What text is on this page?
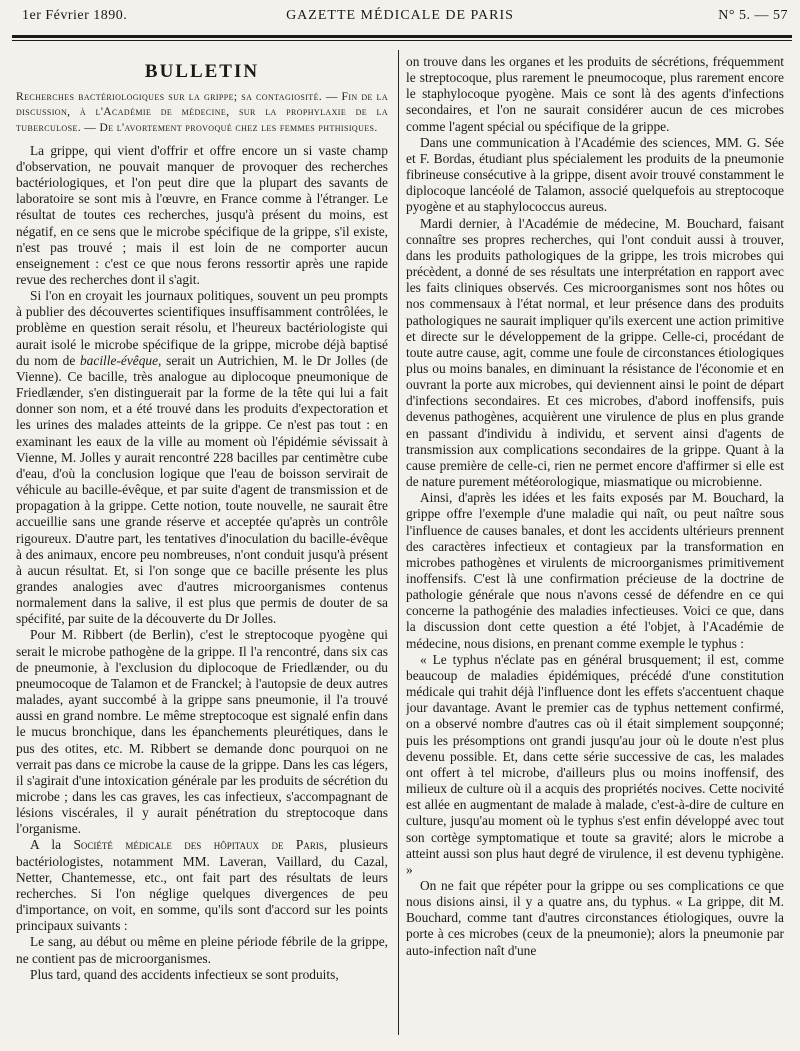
1er Février 1890.	GAZETTE MÉDICALE DE PARIS	N° 5. — 57
BULLETIN

Recherches bactériologiques sur la grippe; sa contagiosité. — Fin de la discussion, à l'Académie de médecine, sur la prophylaxie de la tuberculose. — De l'avortement provoqué chez les femmes phthisiques.

La grippe, qui vient d'offrir et offre encore un si vaste champ d'observation, ne pouvait manquer de provoquer des recherches bactériologiques, et l'on peut dire que la plupart des savants de laboratoire se sont mis à l'œuvre, en France comme à l'étranger. Le résultat de toutes ces recherches, jusqu'à présent du moins, est négatif, en ce sens que le microbe spécifique de la grippe, s'il existe, n'est pas trouvé ; mais il est loin de ne comporter aucun enseignement : c'est ce que nous ferons ressortir après une rapide revue des recherches dont il s'agit.

Si l'on en croyait les journaux politiques, souvent un peu prompts à publier des découvertes scientifiques insuffisamment contrôlées, le problème en question serait résolu, et l'heureux bactériologiste qui aurait isolé le microbe spécifique de la grippe, microbe déjà baptisé du nom de bacille-évêque, serait un Autrichien, M. le Dr Jolles (de Vienne). Ce bacille, très analogue au diplocoque pneumonique de Friedlænder, s'en distinguerait par la forme de la tête qui lui a fait donner son nom, et a été trouvé dans les produits d'expectoration et les urines des malades atteints de la grippe. Ce n'est pas tout : en examinant les eaux de la ville au moment où l'épidémie sévissait à Vienne, M. Jolles y aurait rencontré 228 bacilles par centimètre cube d'eau, d'où la conclusion logique que l'eau de boisson servirait de véhicule au bacille-évêque, et par suite d'agent de transmission et de propagation à la grippe. Cette notion, toute nouvelle, ne saurait être accueillie sans une grande réserve et acceptée qu'après un contrôle rigoureux. D'autre part, les tentatives d'inoculation du bacille-évêque à des animaux, encore peu nombreuses, n'ont conduit jusqu'à présent à aucun résultat. Et, si l'on songe que ce bacille présente les plus grandes analogies avec d'autres microorganismes contenus normalement dans la salive, il est plus que permis de douter de sa spécifité, par suite de la découverte du Dr Jolles.

Pour M. Ribbert (de Berlin), c'est le streptocoque pyogène qui serait le microbe pathogène de la grippe. Il l'a rencontré, dans six cas de pneumonie, à l'exclusion du diplocoque de Friedlænder, ou du pneumocoque de Talamon et de Franckel; à l'autopsie de deux autres malades, ayant succombé à la grippe sans pneumonie, il l'a trouvé aussi en grand nombre. Le même streptocoque est signalé enfin dans le mucus bronchique, dans les épanchements pleurétiques, dans le pus des otites, etc. M. Ribbert se demande donc pourquoi on ne verrait pas dans ce microbe la cause de la grippe. Dans les cas légers, il s'agirait d'une intoxication générale par les produits de sécrétion du microbe ; dans les cas graves, les cas infectieux, s'accompagnant de lésions viscérales, il y aurait pénétration du streptocoque dans l'organisme.

A la Société médicale des hôpitaux de Paris, plusieurs bactériologistes, notamment MM. Laveran, Vaillard, du Cazal, Netter, Chantemesse, etc., ont fait part des résultats de leurs recherches. Si l'on néglige quelques divergences de peu d'importance, on voit, en somme, qu'ils sont d'accord sur les points principaux suivants :

Le sang, au début ou même en pleine période fébrile de la grippe, ne contient pas de microorganismes.

Plus tard, quand des accidents infectieux se sont produits,

on trouve dans les organes et les produits de sécrétions, fréquemment le streptocoque, plus rarement le pneumocoque, plus rarement encore le staphylocoque pyogène. Mais ce sont là des agents d'infections secondaires, et l'on ne saurait considérer aucun de ces microbes comme l'agent spécial ou spécifique de la grippe.

Dans une communication à l'Académie des sciences, MM. G. Sée et F. Bordas, étudiant plus spécialement les produits de la pneumonie fibrineuse consécutive à la grippe, disent avoir trouvé constamment le diplocoque lancéolé de Talamon, associé quelquefois au streptocoque pyogène et au staphylococcus aureus.

Mardi dernier, à l'Académie de médecine, M. Bouchard, faisant connaître ses propres recherches, qui l'ont conduit aussi à trouver, dans les produits pathologiques de la grippe, les trois microbes qui précèdent, a donné de ses résultats une interprétation en rapport avec les faits cliniques observés. Ces microorganismes sont nos hôtes ou nos commensaux à l'état normal, et leur présence dans des produits pathologiques ne saurait impliquer qu'ils exercent une action primitive et directe sur le développement de la grippe. Celle-ci, procédant de toute autre cause, agit, comme une foule de circonstances étiologiques plus ou moins banales, en diminuant la résistance de l'économie et en ouvrant la porte aux microbes, qui deviennent ainsi le point de départ d'infections secondaires. Et ces microbes, d'abord inoffensifs, puis devenus pathogènes, acquièrent une virulence de plus en plus grande en passant d'individu à individu, et servent ainsi d'agents de transmission aux complications secondaires de la grippe. Quant à la cause première de celle-ci, rien ne permet encore d'affirmer si elle est de nature purement météorologique, miasmatique ou microbienne.

Ainsi, d'après les idées et les faits exposés par M. Bouchard, la grippe offre l'exemple d'une maladie qui naît, ou peut naître sous l'influence de causes banales, et dont les accidents ultérieurs prennent des caractères infectieux et contagieux par la transformation en microbes pathogènes et virulents de microorganismes primitivement inoffensifs. C'est là une confirmation précieuse de la doctrine de pathologie générale que nous n'avons cessé de défendre en ce qui concerne la pathogénie des maladies infectieuses. Voici ce que, dans la discussion dont cette question a été l'objet, à l'Académie de médecine, nous disions, en prenant comme exemple le typhus :

« Le typhus n'éclate pas en général brusquement; il est, comme beaucoup de maladies épidémiques, précédé d'une constitution médicale qui trahit déjà l'influence dont les effets s'accentuent chaque jour davantage. Avant le premier cas de typhus nettement confirmé, on a observé nombre d'autres cas où il était simplement soupçonné; puis les présomptions ont grandi jusqu'au jour où le doute n'est plus devenu possible. Et, dans cette série successive de cas, les malades ont offert à tel microbe, d'ailleurs plus ou moins inoffensif, des milieux de culture où il a acquis des propriétés nocives. Cette nocivité est allée en augmentant de malade à malade, c'est-à-dire de culture en culture, jusqu'au moment où le typhus s'est enfin développé avec tout son cortège symptomatique et toute sa gravité; alors le microbe a atteint aussi son plus haut degré de virulence, il est devenu typhigène. »

On ne fait que répéter pour la grippe ou ses complications ce que nous disions ainsi, il y a quatre ans, du typhus. « La grippe, dit M. Bouchard, comme tant d'autres circonstances étiologiques, ouvre la porte à ces microbes (ceux de la pneumonie); alors la pneumonie par auto-infection naît d'une
